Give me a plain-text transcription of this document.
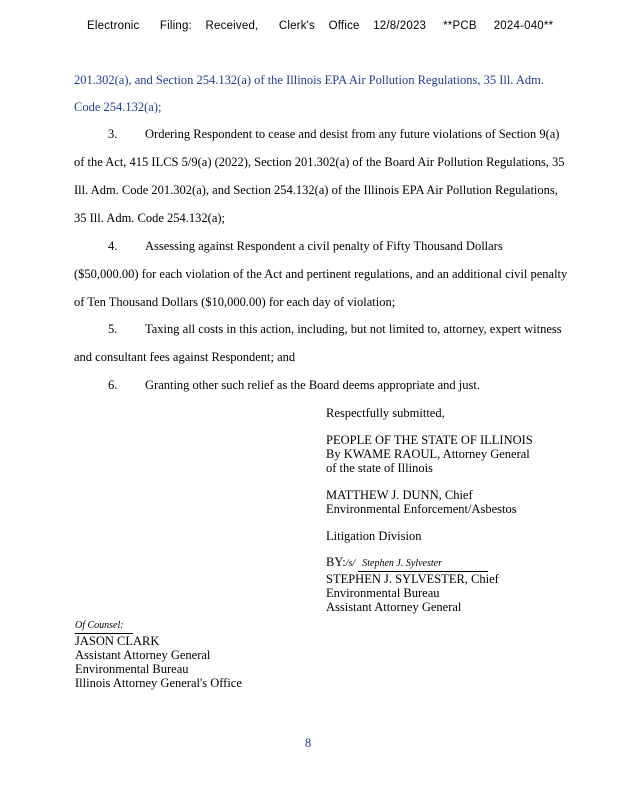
Electronic      Filing:    Received,      Clerk's    Office    12/8/2023     **PCB     2024-040**
201.302(a), and Section 254.132(a) of the Illinois EPA Air Pollution Regulations, 35 Ill. Adm.
Code 254.132(a);
3. Ordering Respondent to cease and desist from any future violations of Section 9(a)
of the Act, 415 ILCS 5/9(a) (2022), Section 201.302(a) of the Board Air Pollution Regulations, 35
Ill. Adm. Code 201.302(a), and Section 254.132(a) of the Illinois EPA Air Pollution Regulations,
35 Ill. Adm. Code 254.132(a);
4. Assessing against Respondent a civil penalty of Fifty Thousand Dollars
($50,000.00) for each violation of the Act and pertinent regulations, and an additional civil penalty
of Ten Thousand Dollars ($10,000.00) for each day of violation;
5. Taxing all costs in this action, including, but not limited to, attorney, expert witness
and consultant fees against Respondent; and
6. Granting other such relief as the Board deems appropriate and just.
Respectfully submitted,
PEOPLE OF THE STATE OF ILLINOIS
By KWAME RAOUL, Attorney General
of the state of Illinois
MATTHEW J. DUNN, Chief
Environmental Enforcement/Asbestos
Litigation Division
BY:/s/ Stephen J. Sylvester
STEPHEN J. SYLVESTER, Chief
Environmental Bureau
Assistant Attorney General
Of Counsel:
JASON CLARK
Assistant Attorney General
Environmental Bureau
Illinois Attorney General's Office
8
